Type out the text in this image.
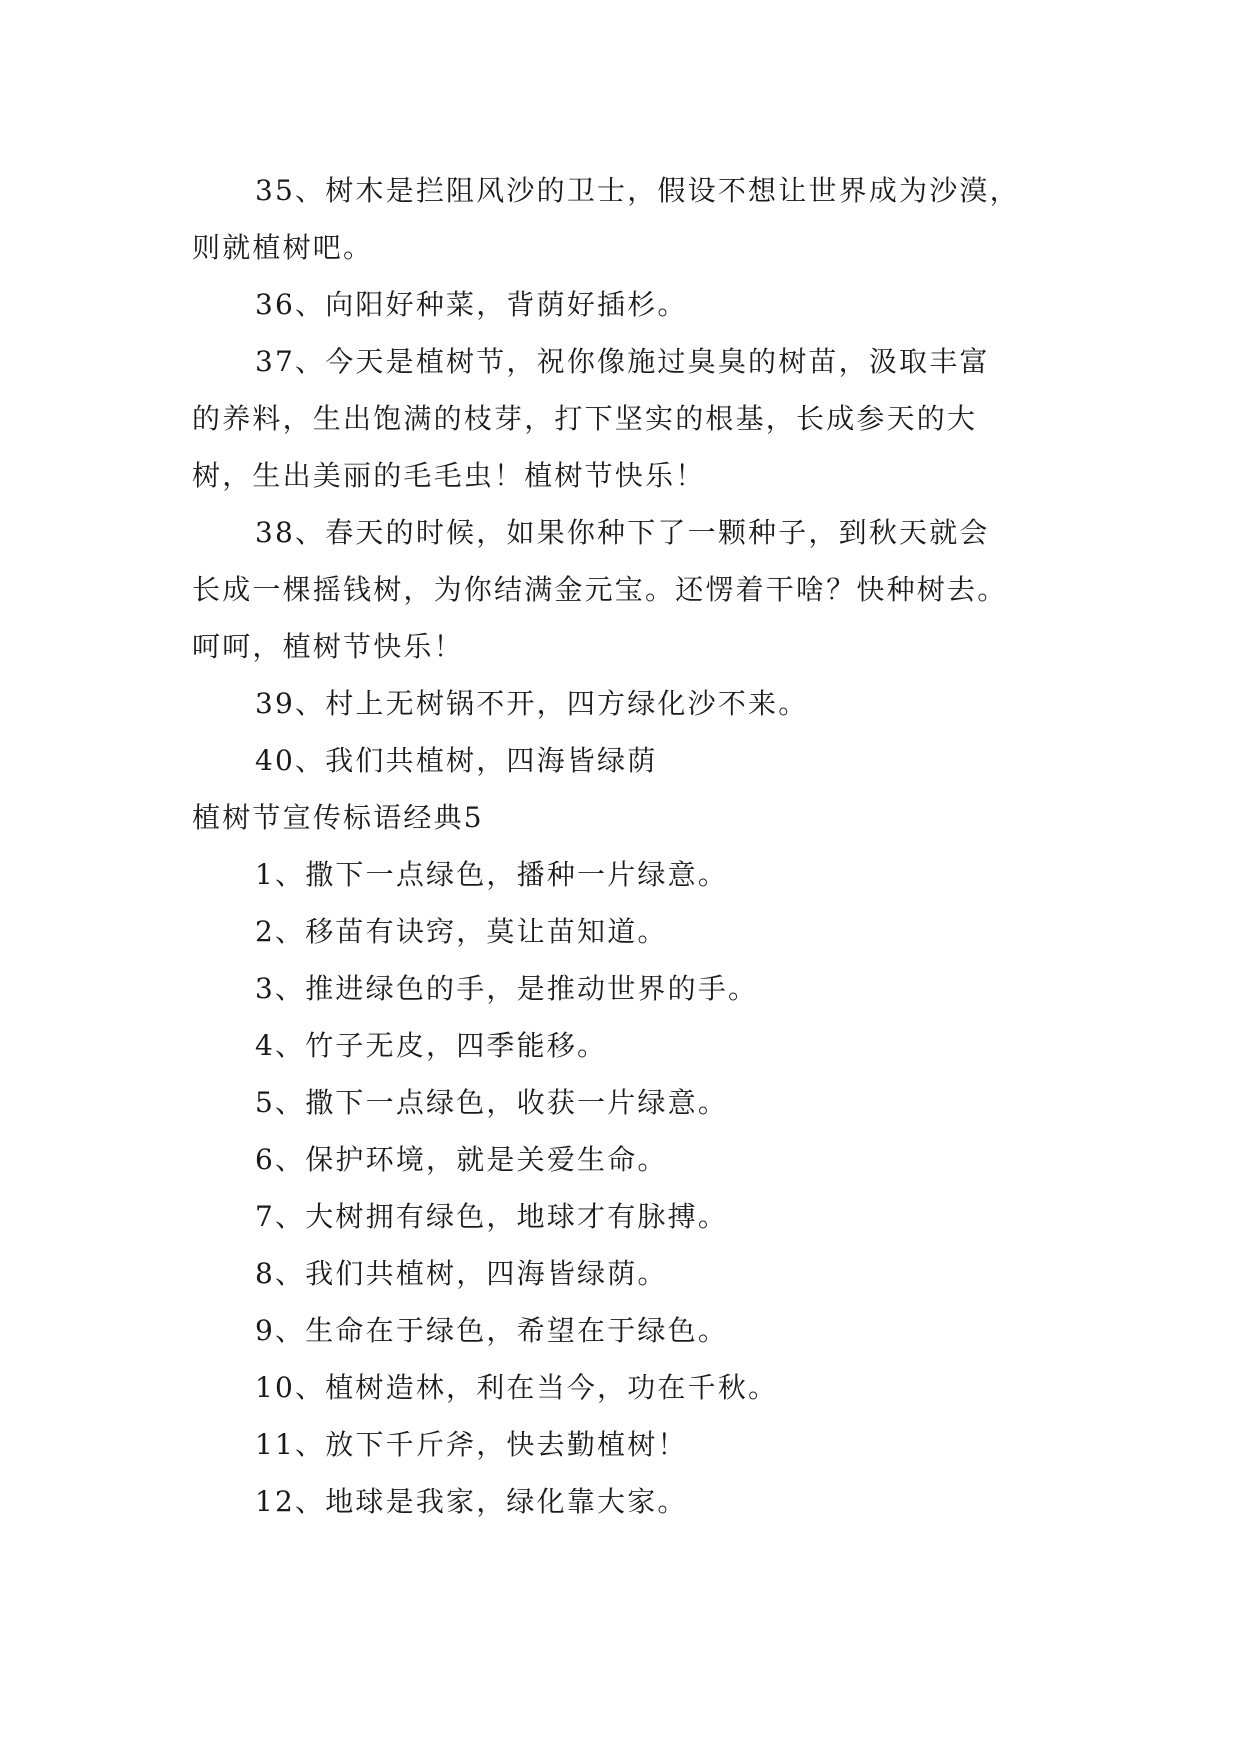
35、树木是拦阻风沙的卫士，假设不想让世界成为沙漠，

则就植树吧。

36、向阳好种菜，背荫好插杉。

37、今天是植树节，祝你像施过臭臭的树苗，汲取丰富

的养料，生出饱满的枝芽，打下坚实的根基，长成参天的大

树，生出美丽的毛毛虫！植树节快乐！

38、春天的时候，如果你种下了一颗种子，到秋天就会

长成一棵摇钱树，为你结满金元宝。还愣着干啥？快种树去。

呵呵，植树节快乐！

39、村上无树锅不开，四方绿化沙不来。

40、我们共植树，四海皆绿荫

植树节宣传标语经典5

1、撒下一点绿色，播种一片绿意。

2、移苗有诀窍，莫让苗知道。

3、推进绿色的手，是推动世界的手。

4、竹子无皮，四季能移。

5、撒下一点绿色，收获一片绿意。

6、保护环境，就是关爱生命。

7、大树拥有绿色，地球才有脉搏。

8、我们共植树，四海皆绿荫。

9、生命在于绿色，希望在于绿色。

10、植树造林，利在当今，功在千秋。

11、放下千斤斧，快去勤植树！

12、地球是我家，绿化靠大家。
